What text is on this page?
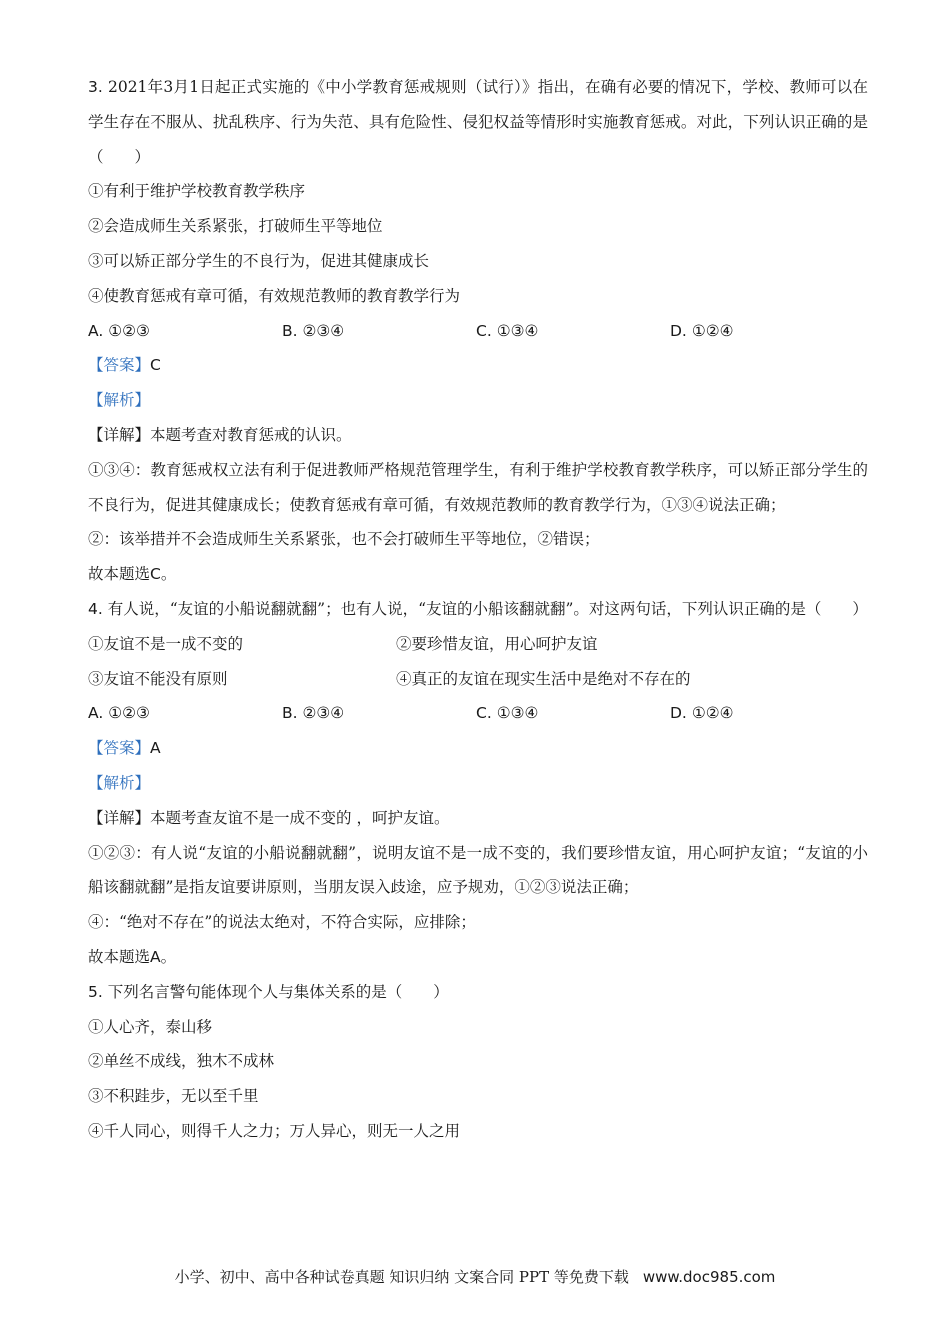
3. 2021年3月1日起正式实施的《中小学教育惩戒规则（试行）》指出，在确有必要的情况下，学校、教师可以在学生存在不服从、扰乱秩序、行为失范、具有危险性、侵犯权益等情形时实施教育惩戒。对此，下列认识正确的是（　　）
①有利于维护学校教育教学秩序
②会造成师生关系紧张，打破师生平等地位
③可以矫正部分学生的不良行为，促进其健康成长
④使教育惩戒有章可循，有效规范教师的教育教学行为
A. ①②③	B. ②③④	C. ①③④	D. ①②④
【答案】C
【解析】
【详解】本题考查对教育惩戒的认识。
①③④：教育惩戒权立法有利于促进教师严格规范管理学生，有利于维护学校教育教学秩序，可以矫正部分学生的不良行为，促进其健康成长；使教育惩戒有章可循，有效规范教师的教育教学行为，①③④说法正确；
②：该举措并不会造成师生关系紧张，也不会打破师生平等地位，②错误；
故本题选C。
4. 有人说，“友谊的小船说翻就翻”；也有人说，“友谊的小船该翻就翻”。对这两句话，下列认识正确的是（　　）
①友谊不是一成不变的	②要珍惜友谊，用心呵护友谊
③友谊不能没有原则	④真正的友谊在现实生活中是绝对不存在的
A. ①②③	B. ②③④	C. ①③④	D. ①②④
【答案】A
【解析】
【详解】本题考查友谊不是一成不变的 ，呵护友谊。
①②③：有人说“友谊的小船说翻就翻”，说明友谊不是一成不变的，我们要珍惜友谊，用心呵护友谊；“友谊的小船该翻就翻”是指友谊要讲原则，当朋友误入歧途，应予规劝，①②③说法正确；
④：“绝对不存在”的说法太绝对，不符合实际，应排除；
故本题选A。
5. 下列名言警句能体现个人与集体关系的是（　　）
①人心齐，泰山移
②单丝不成线，独木不成林
③不积跬步，无以至千里
④千人同心，则得千人之力；万人异心，则无一人之用
小学、初中、高中各种试卷真题 知识归纳 文案合同 PPT 等免费下载 www.doc985.com
